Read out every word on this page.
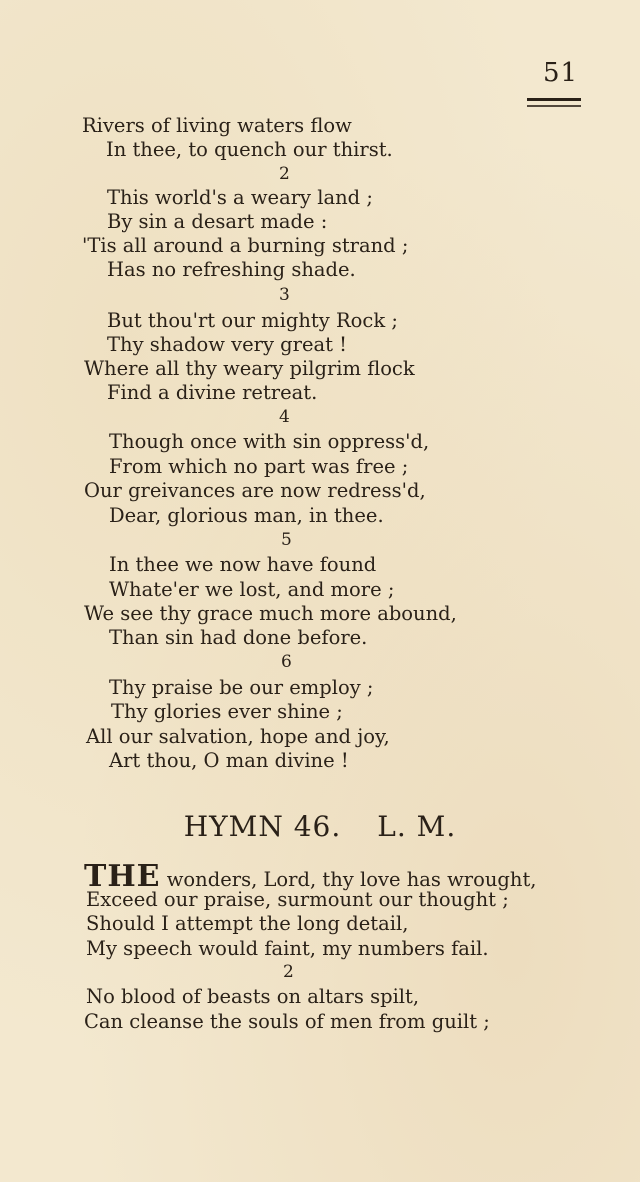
51
Rivers of living waters flow
In thee, to quench our thirst.
2
This world's a weary land ;
By sin a desart made :
'Tis all around a burning strand ;
Has no refreshing shade.
3
But thou'rt our mighty Rock ;
Thy shadow very great !
Where all thy weary pilgrim flock
Find a divine retreat.
4
Though once with sin oppress'd,
From which no part was free ;
Our greivances are now redress'd,
Dear, glorious man, in thee.
5
In thee we now have found
Whate'er we lost, and more ;
We see thy grace much more abound,
Than sin had done before.
6
Thy praise be our employ ;
Thy glories ever shine ;
All our salvation, hope and joy,
Art thou, O man divine !
HYMN 46. L. M.
THE wonders, Lord, thy love has wrought,
Exceed our praise, surmount our thought ;
Should I attempt the long detail,
My speech would faint, my numbers fail.
2
No blood of beasts on altars spilt,
Can cleanse the souls of men from guilt ;
